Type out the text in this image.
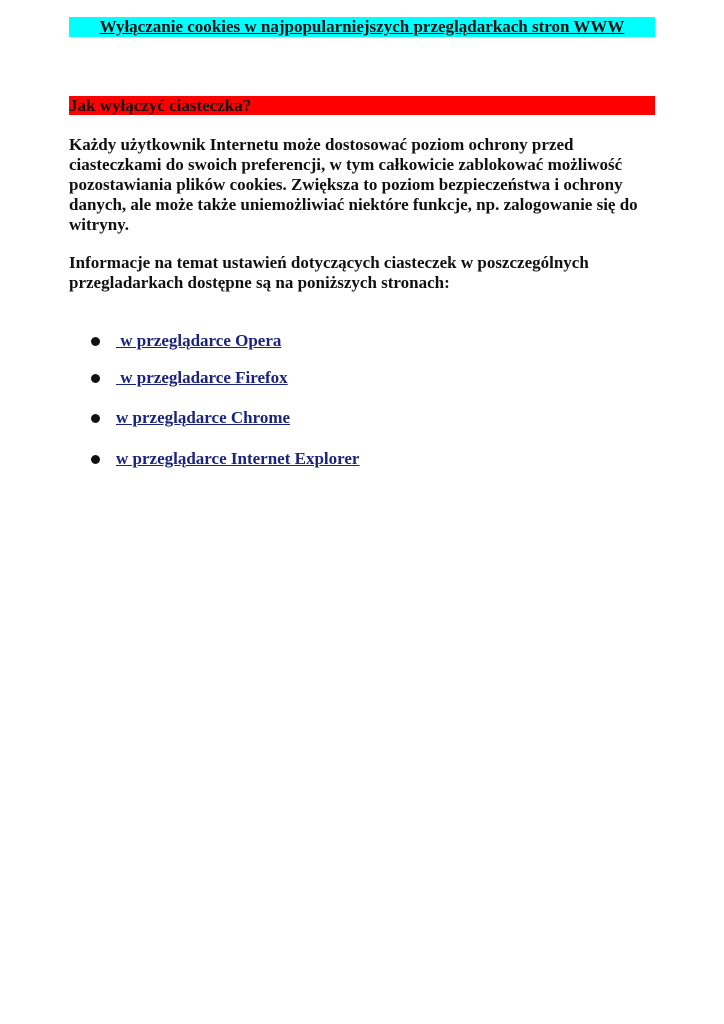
Wyłączanie cookies w najpopularniejszych przeglądarkach stron WWW
Jak wyłączyć ciasteczka?

Każdy użytkownik Internetu może dostosować poziom ochrony przed ciasteczkami do swoich preferencji, w tym całkowicie zablokować możliwość pozostawiania plików cookies. Zwiększa to poziom bezpieczeństwa i ochrony danych, ale może także uniemożliwiać niektóre funkcje, np. zalogowanie się do witryny.

Informacje na temat ustawień dotyczących ciasteczek w poszczególnych przegladarkach dostępne są na poniższych stronach:

w przeglądarce Opera
w przegladarce Firefox
w przeglądarce Chrome
w przeglądarce Internet Explorer
